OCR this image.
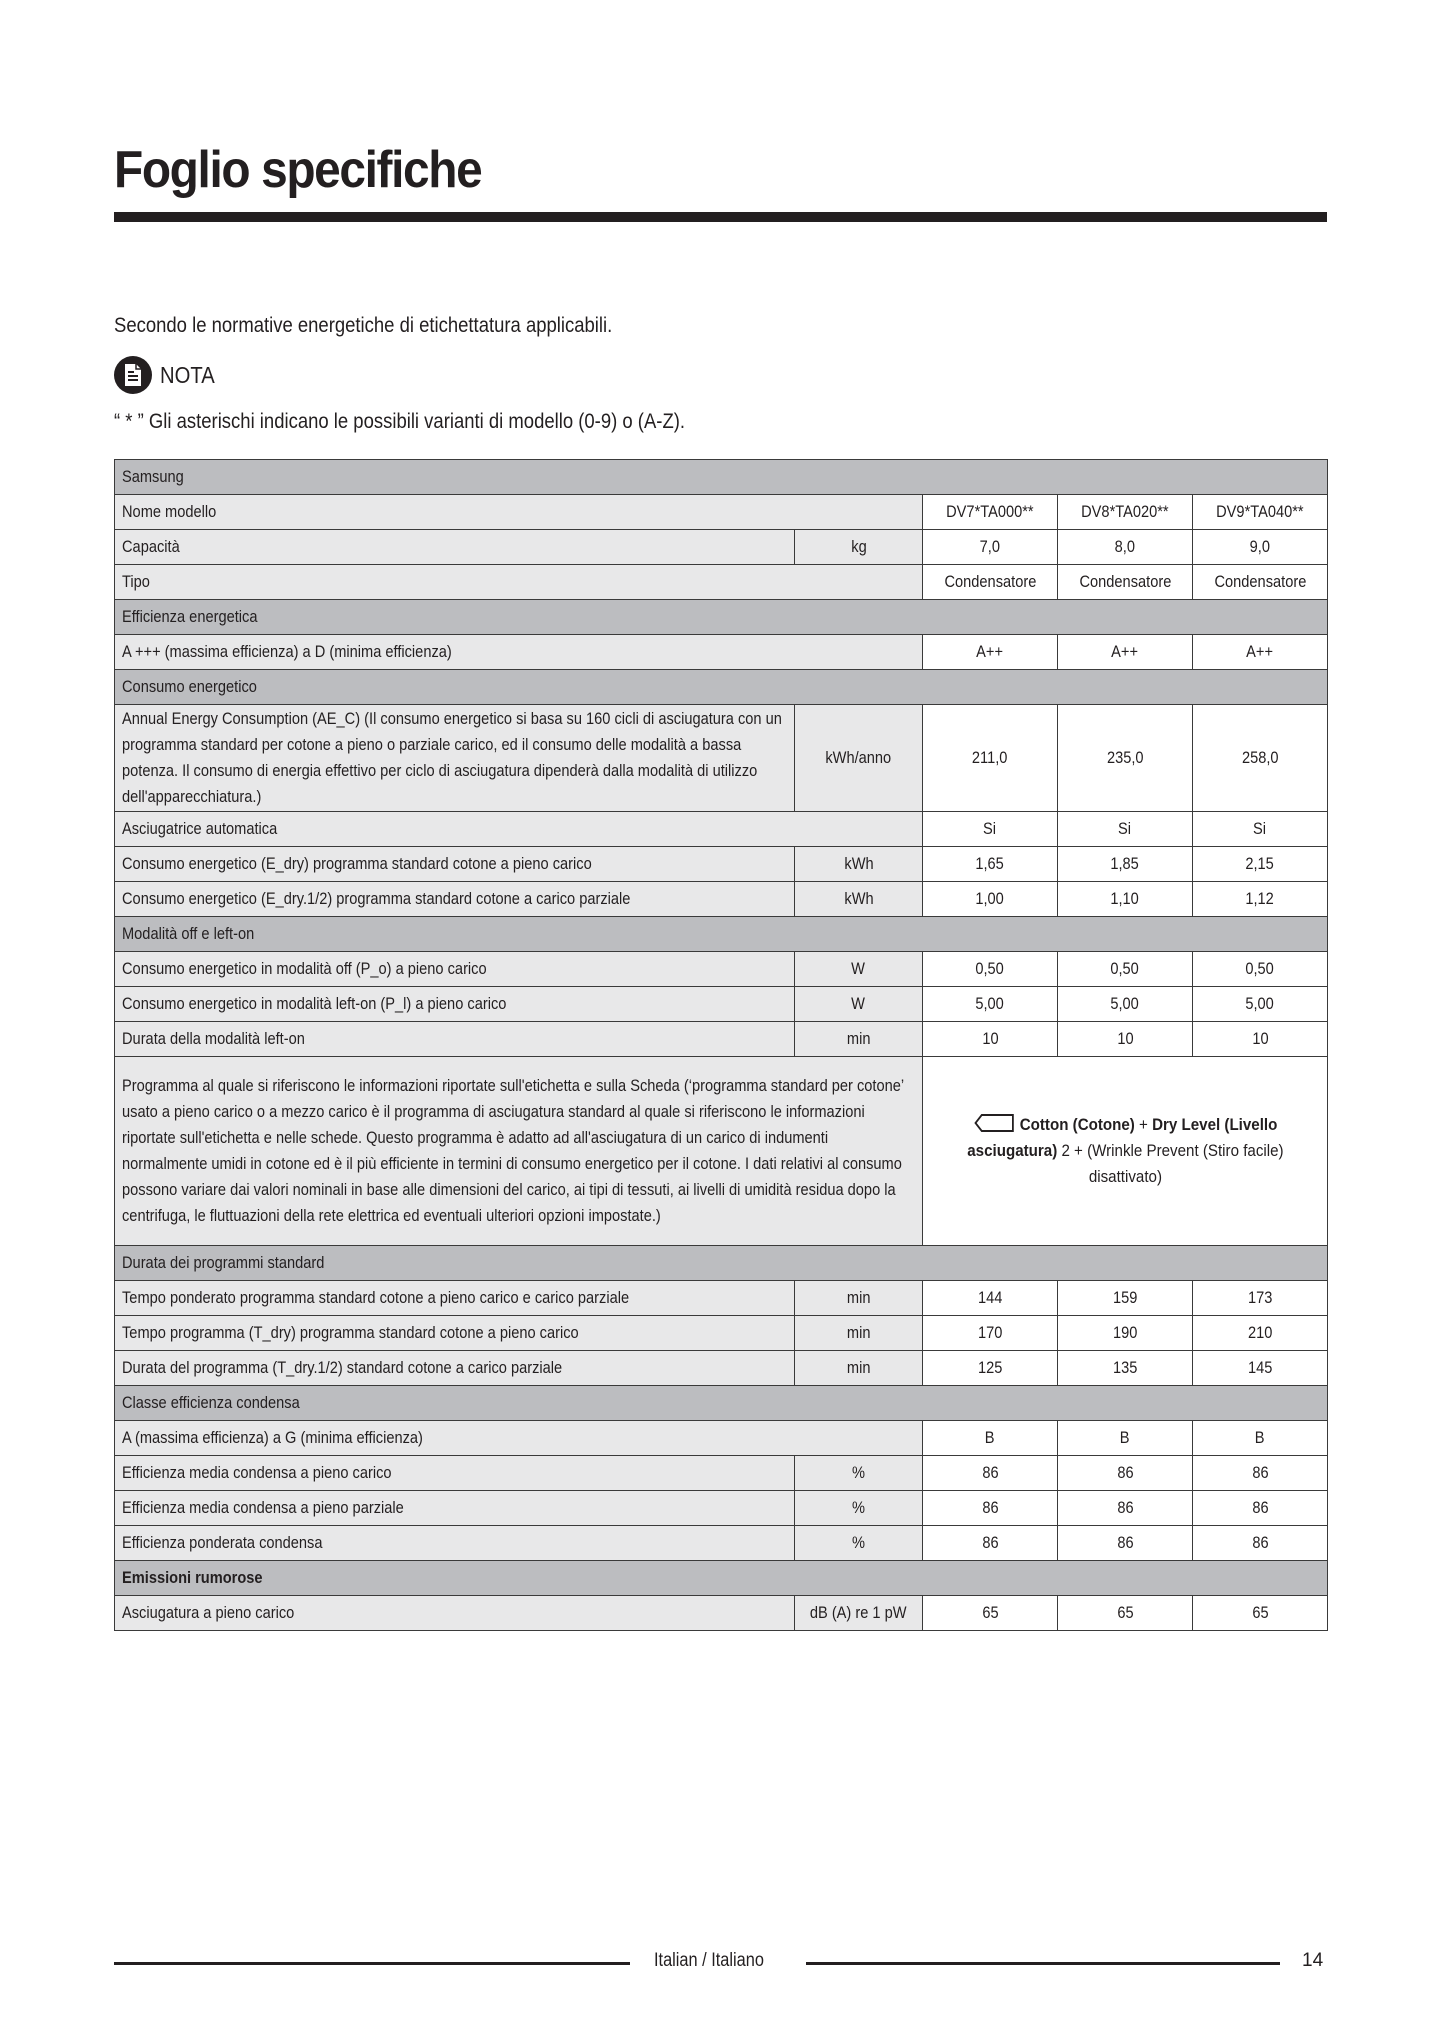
Foglio specifiche
Secondo le normative energetiche di etichettatura applicabili.
NOTA
“ * ” Gli asterischi indicano le possibili varianti di modello (0-9) o (A-Z).
Samsung				
Nome modello		DV7*TA000**	DV8*TA020**	DV9*TA040**
Capacità	kg	7,0	8,0	9,0
Tipo		Condensatore	Condensatore	Condensatore
Efficienza energetica				
A +++ (massima efficienza) a D (minima efficienza)		A++	A++	A++
Consumo energetico				

Annual Energy Consumption (AE_C) (Il consumo energetico si basa su 160 cicli di asciugatura con un programma standard per cotone a pieno o parziale carico, ed il consumo delle modalità a bassa potenza. Il consumo di energia effettivo per ciclo di asciugatura dipenderà dalla modalità di utilizzo dell'apparecchiatura.)	kWh/anno	211,0	235,0	258,0
Asciugatrice automatica		Si	Si	Si
Consumo energetico (E_dry) programma standard cotone a pieno carico	kWh	1,65	1,85	2,15
Consumo energetico (E_dry.1/2) programma standard cotone a carico parziale	kWh	1,00	1,10	1,12
Modalità off e left-on				
Consumo energetico in modalità off (P_o) a pieno carico	W	0,50	0,50	0,50
Consumo energetico in modalità left-on (P_l) a pieno carico	W	5,00	5,00	5,00
Durata della modalità left-on	min	10	10	10

Programma al quale si riferiscono le informazioni riportate sull'etichetta e sulla Scheda (‘programma standard per cotone’ usato a pieno carico o a mezzo carico è il programma di asciugatura standard al quale si riferiscono le informazioni riportate sull'etichetta e nelle schede. Questo programma è adatto ad all'asciugatura di un carico di indumenti normalmente umidi in cotone ed è il più efficiente in termini di consumo energetico per il cotone. I dati relativi al consumo possono variare dai valori nominali in base alle dimensioni del carico, ai tipi di tessuti, ai livelli di umidità residua dopo la centrifuga, le fluttuazioni della rete elettrica ed eventuali ulteriori opzioni impostate.)		Cotton (Cotone) + Dry Level (Livello asciugatura) 2 + (Wrinkle Prevent (Stiro facile) disattivato)		
Durata dei programmi standard				
Tempo ponderato programma standard cotone a pieno carico e carico parziale	min	144	159	173
Tempo programma (T_dry) programma standard cotone a pieno carico	min	170	190	210
Durata del programma (T_dry.1/2) standard cotone a carico parziale	min	125	135	145
Classe efficienza condensa				
A (massima efficienza) a G (minima efficienza)		B	B	B
Efficienza media condensa a pieno carico	%	86	86	86
Efficienza media condensa a pieno parziale	%	86	86	86
Efficienza ponderata condensa	%	86	86	86
Emissioni rumorose				
Asciugatura a pieno carico	dB (A) re 1 pW	65	65	65
Italian / Italiano	14
